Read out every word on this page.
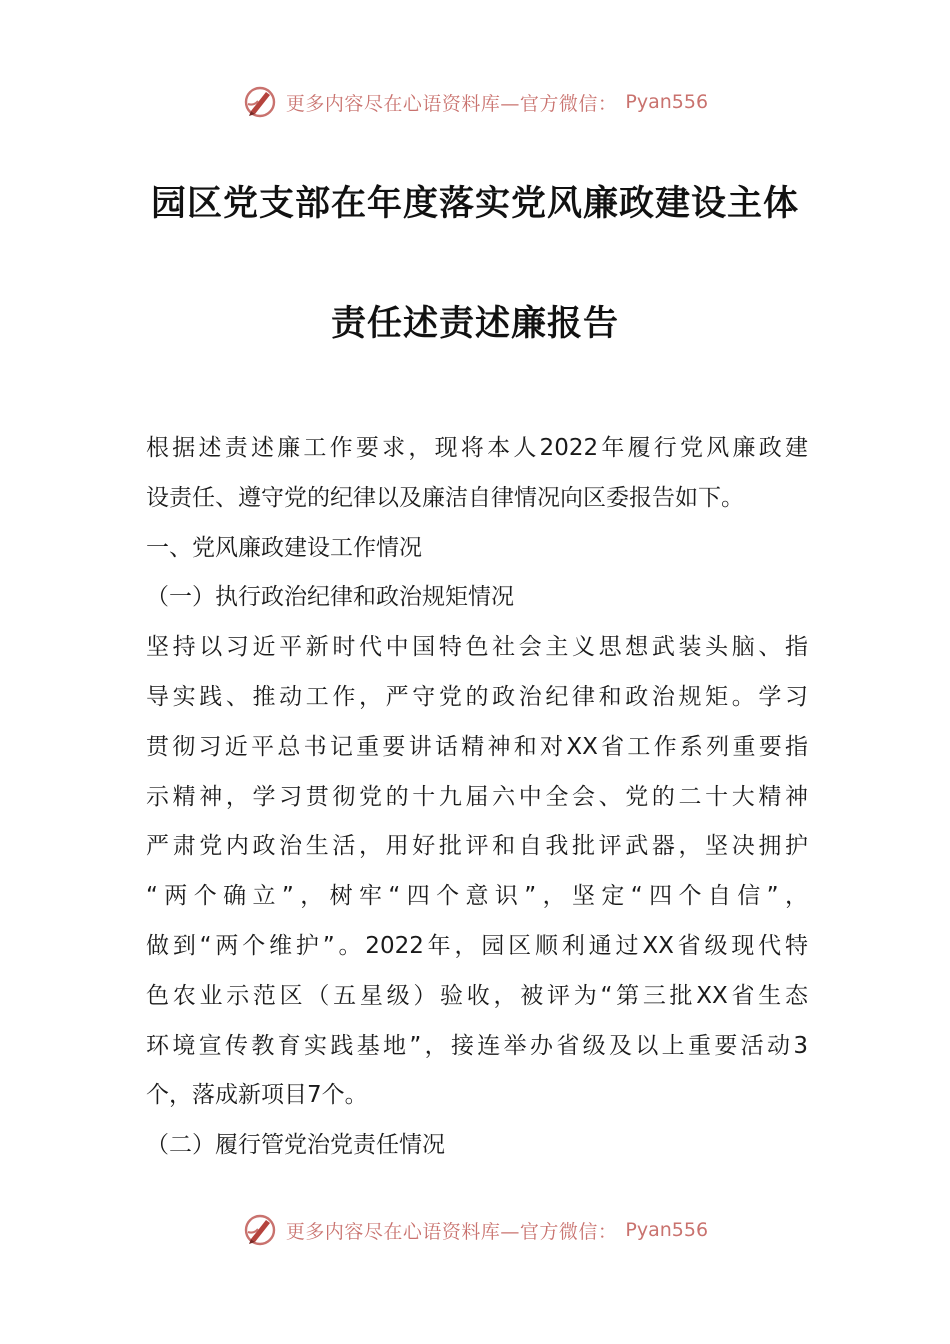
更多内容尽在心语资料库—官方微信： Pyan556
园区党支部在年度落实党风廉政建设主体
责任述责述廉报告
根据述责述廉工作要求，现将本人2022年履行党风廉政建
设责任、遵守党的纪律以及廉洁自律情况向区委报告如下。
一、党风廉政建设工作情况
（一）执行政治纪律和政治规矩情况
坚持以习近平新时代中国特色社会主义思想武装头脑、指
导实践、推动工作，严守党的政治纪律和政治规矩。学习
贯彻习近平总书记重要讲话精神和对XX省工作系列重要指
示精神，学习贯彻党的十九届六中全会、党的二十大精神
严肃党内政治生活，用好批评和自我批评武器，坚决拥护
“两个确立”，树牢“四个意识”，坚定“四个自信”，
做到“两个维护”。2022年，园区顺利通过XX省级现代特
色农业示范区（五星级）验收，被评为“第三批XX省生态
环境宣传教育实践基地”，接连举办省级及以上重要活动3
个，落成新项目7个。
（二）履行管党治党责任情况
更多内容尽在心语资料库—官方微信： Pyan556
